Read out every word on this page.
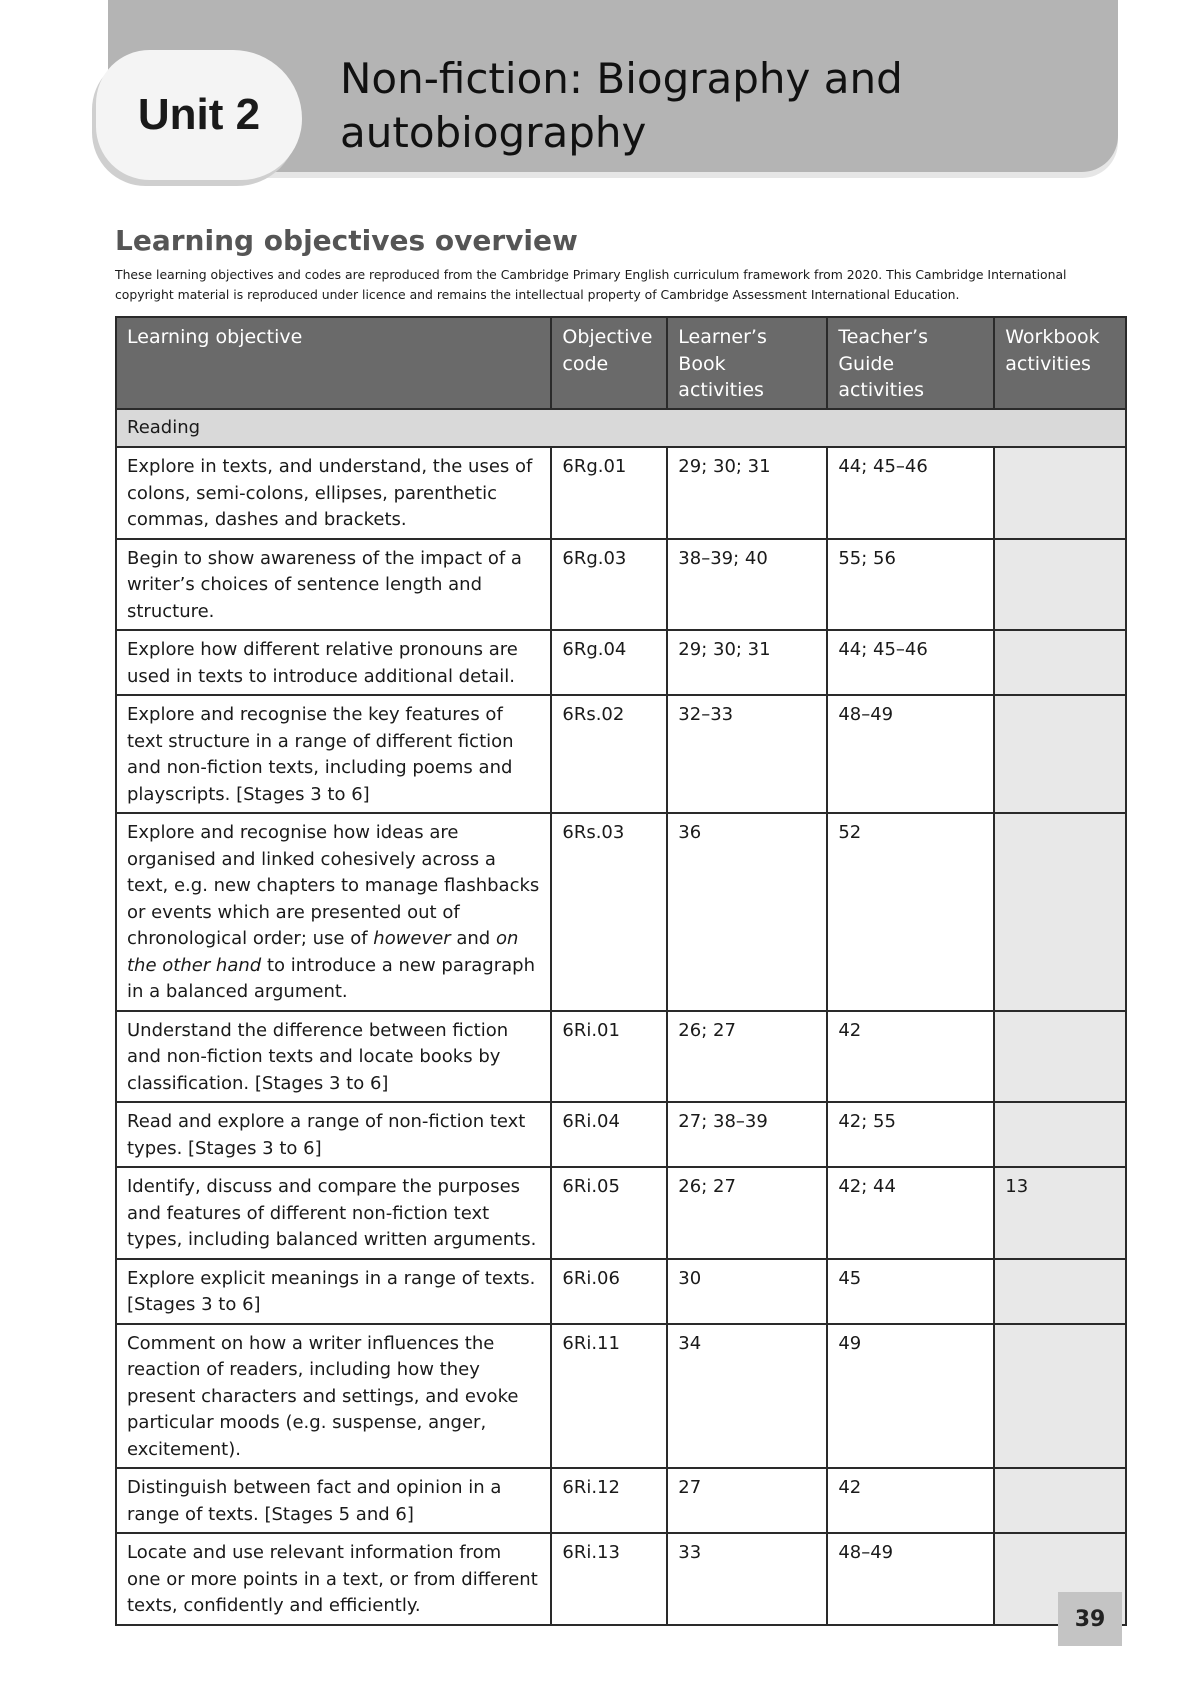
Unit 2
Non-fiction: Biography and autobiography
Learning objectives overview
These learning objectives and codes are reproduced from the Cambridge Primary English curriculum framework from 2020. This Cambridge International copyright material is reproduced under licence and remains the intellectual property of Cambridge Assessment International Education.
Learning objective	Objective code	Learner’s Book activities	Teacher’s Guide activities	Workbook activities
Reading				
Explore in texts, and understand, the uses of colons, semi-colons, ellipses, parenthetic commas, dashes and brackets.	6Rg.01	29; 30; 31	44; 45–46	
Begin to show awareness of the impact of a writer’s choices of sentence length and structure.	6Rg.03	38–39; 40	55; 56	
Explore how different relative pronouns are used in texts to introduce additional detail.	6Rg.04	29; 30; 31	44; 45–46	
Explore and recognise the key features of text structure in a range of different fiction and non-fiction texts, including poems and playscripts. [Stages 3 to 6]	6Rs.02	32–33	48–49	
Explore and recognise how ideas are organised and linked cohesively across a text, e.g. new chapters to manage flashbacks or events which are presented out of chronological order; use of however and on the other hand to introduce a new paragraph in a balanced argument.	6Rs.03	36	52	
Understand the difference between fiction and non-fiction texts and locate books by classification. [Stages 3 to 6]	6Ri.01	26; 27	42	
Read and explore a range of non-fiction text types. [Stages 3 to 6]	6Ri.04	27; 38–39	42; 55	
Identify, discuss and compare the purposes and features of different non-fiction text types, including balanced written arguments.	6Ri.05	26; 27	42; 44	13
Explore explicit meanings in a range of texts. [Stages 3 to 6]	6Ri.06	30	45	
Comment on how a writer influences the reaction of readers, including how they present characters and settings, and evoke particular moods (e.g. suspense, anger, excitement).	6Ri.11	34	49	
Distinguish between fact and opinion in a range of texts. [Stages 5 and 6]	6Ri.12	27	42	
Locate and use relevant information from one or more points in a text, or from different texts, confidently and efficiently.	6Ri.13	33	48–49	
39
